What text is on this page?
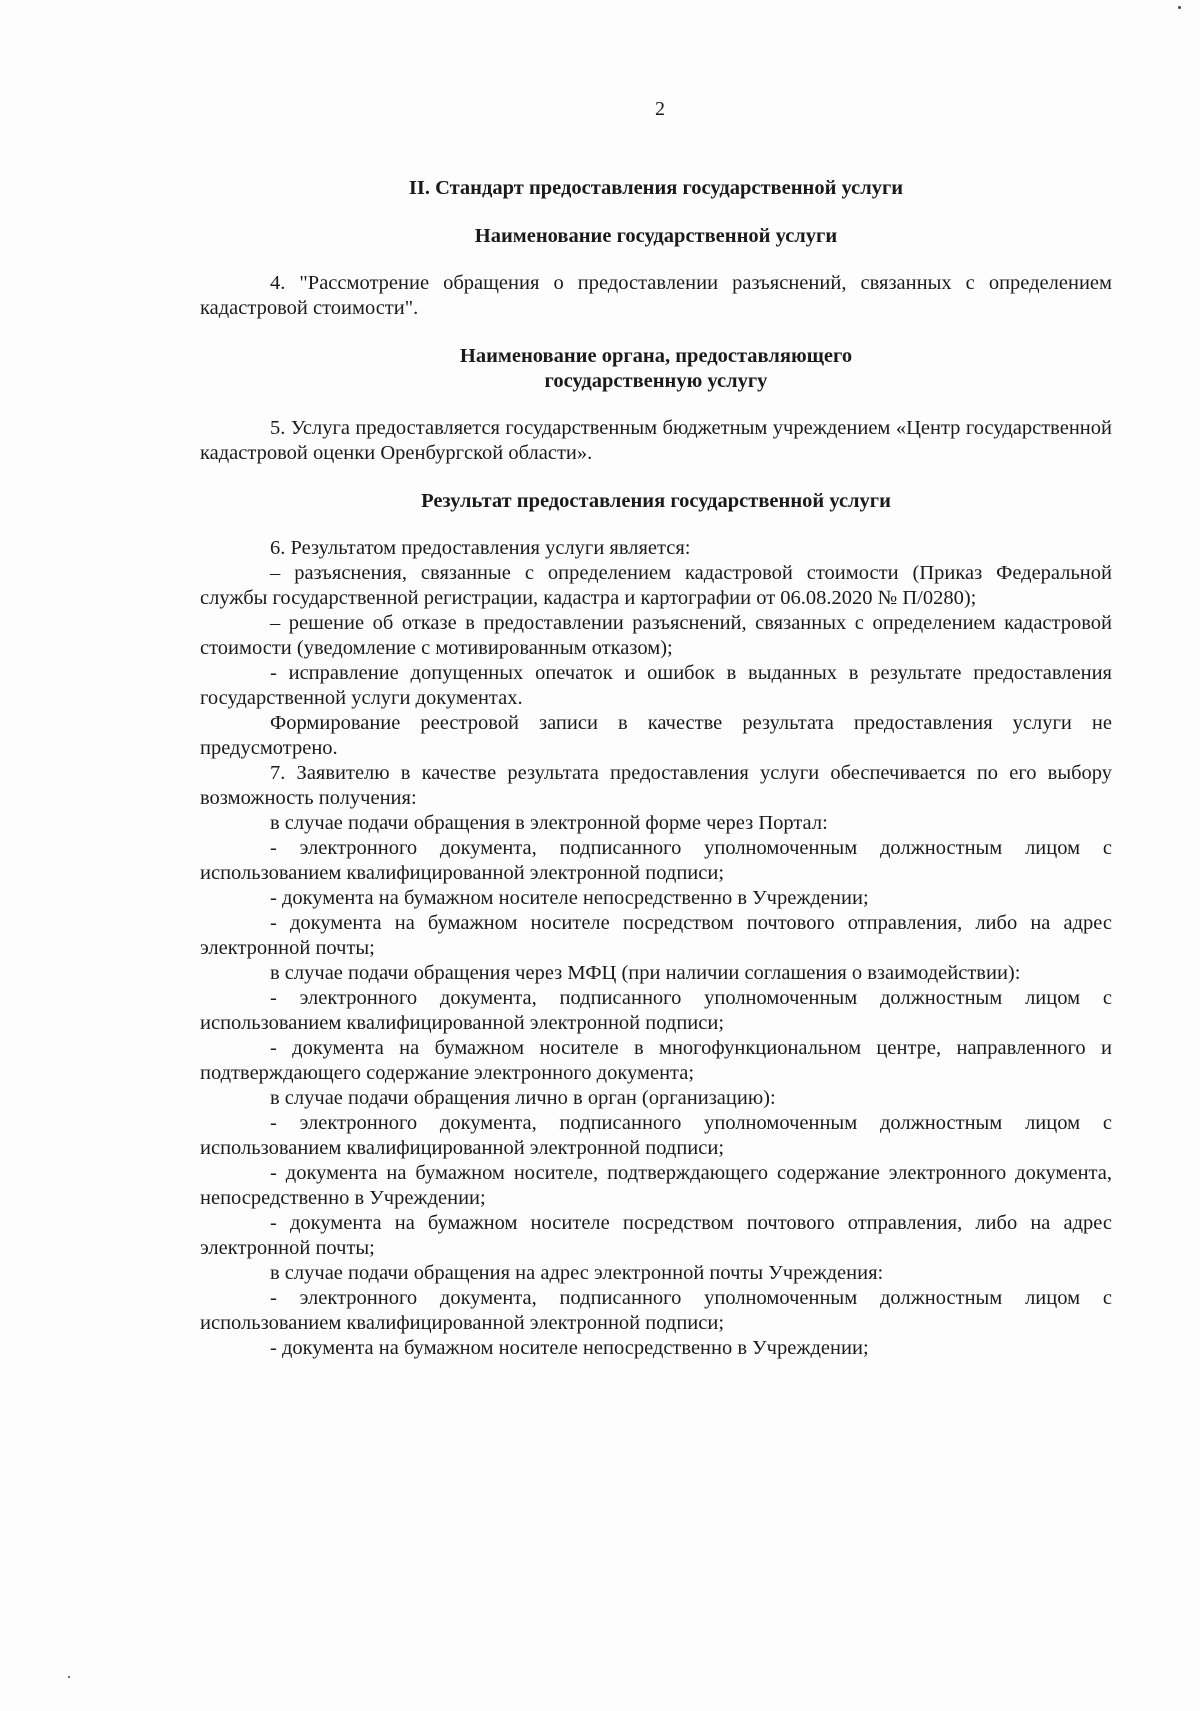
2

II. Стандарт предоставления государственной услуги

Наименование государственной услуги

4. "Рассмотрение обращения о предоставлении разъяснений, связанных с определением кадастровой стоимости".

Наименование органа, предоставляющего
государственную услугу

5. Услуга предоставляется государственным бюджетным учреждением «Центр государственной кадастровой оценки Оренбургской области».

Результат предоставления государственной услуги

6. Результатом предоставления услуги является:

– разъяснения, связанные с определением кадастровой стоимости (Приказ Федеральной службы государственной регистрации, кадастра и картографии от 06.08.2020 № П/0280);

– решение об отказе в предоставлении разъяснений, связанных с определением кадастровой стоимости (уведомление с мотивированным отказом);

- исправление допущенных опечаток и ошибок в выданных в результате предоставления государственной услуги документах.

Формирование реестровой записи в качестве результата предоставления услуги не предусмотрено.

7. Заявителю в качестве результата предоставления услуги обеспечивается по его выбору возможность получения:

в случае подачи обращения в электронной форме через Портал:

- электронного документа, подписанного уполномоченным должностным лицом с использованием квалифицированной электронной подписи;

- документа на бумажном носителе непосредственно в Учреждении;

- документа на бумажном носителе посредством почтового отправления, либо на адрес электронной почты;

в случае подачи обращения через МФЦ (при наличии соглашения о взаимодействии):

- электронного документа, подписанного уполномоченным должностным лицом с использованием квалифицированной электронной подписи;

- документа на бумажном носителе в многофункциональном центре, направленного и подтверждающего содержание электронного документа;

в случае подачи обращения лично в орган (организацию):

- электронного документа, подписанного уполномоченным должностным лицом с использованием квалифицированной электронной подписи;

- документа на бумажном носителе, подтверждающего содержание электронного документа, непосредственно в Учреждении;

- документа на бумажном носителе посредством почтового отправления, либо на адрес электронной почты;

в случае подачи обращения на адрес электронной почты Учреждения:

- электронного документа, подписанного уполномоченным должностным лицом с использованием квалифицированной электронной подписи;

- документа на бумажном носителе непосредственно в Учреждении;
